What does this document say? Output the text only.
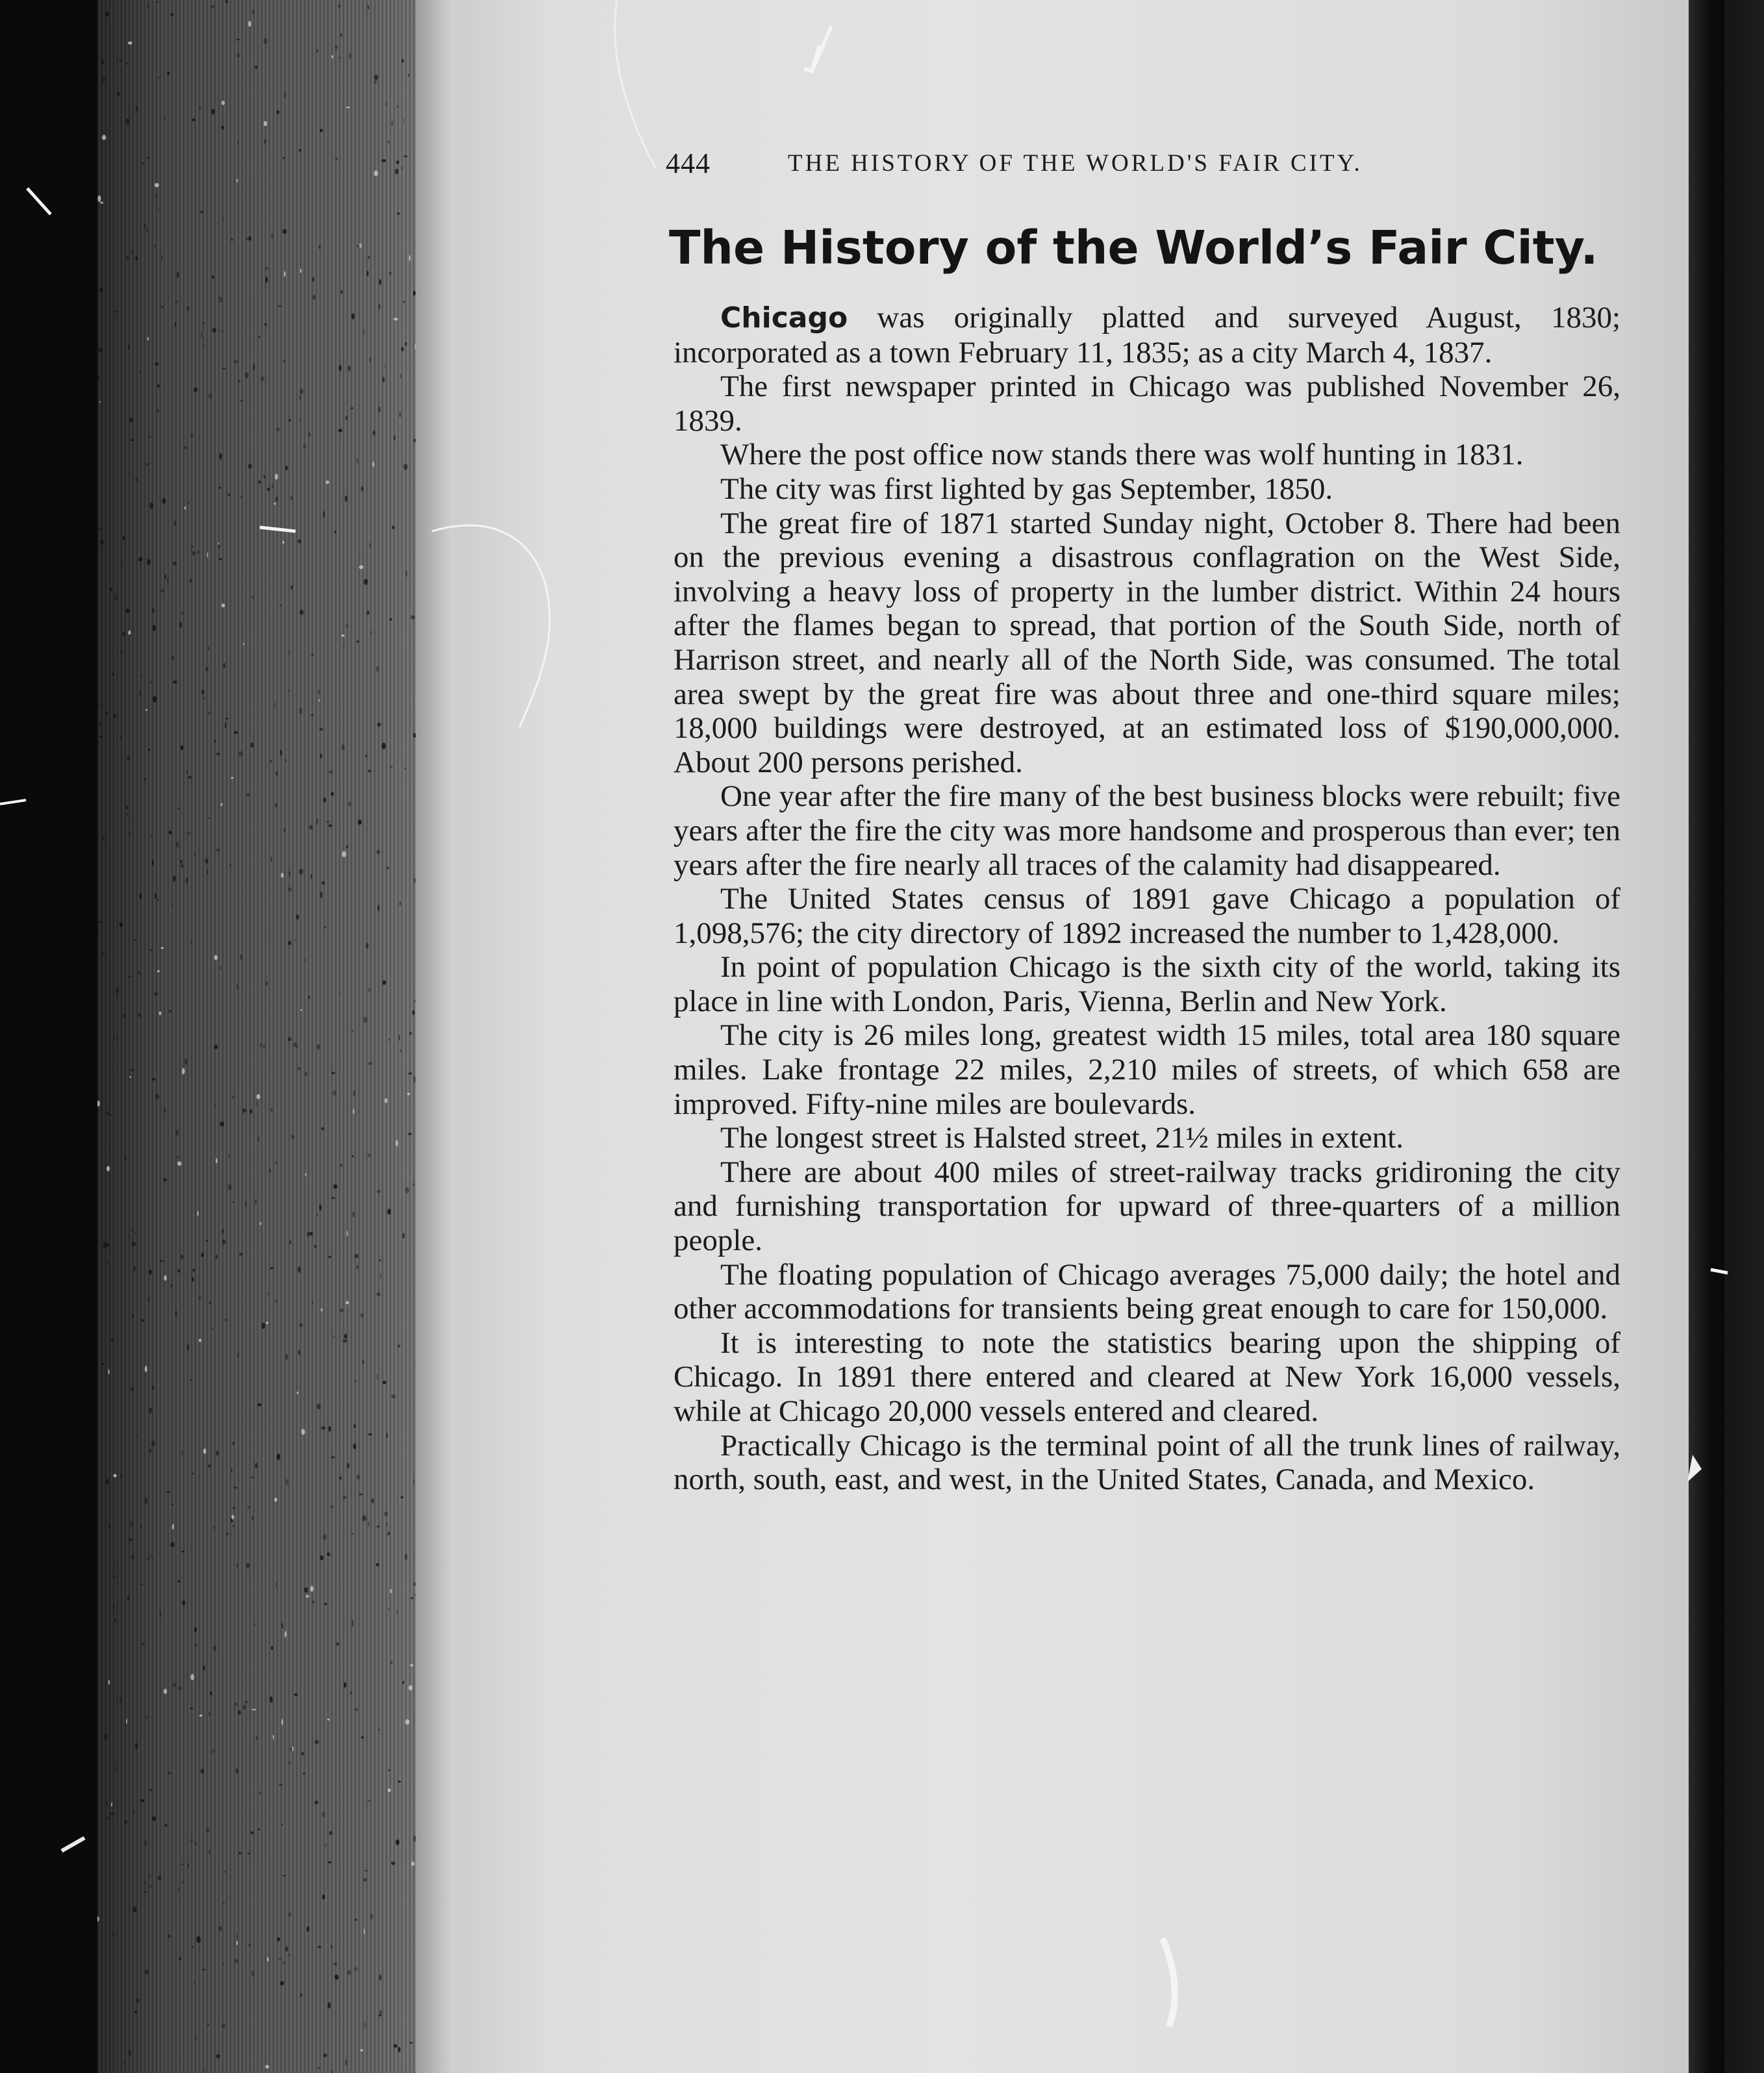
444	THE HISTORY OF THE WORLD'S FAIR CITY.
The History of the World’s Fair City.

Chicago was originally platted and surveyed August, 1830; incorporated as a town February 11, 1835; as a city March 4, 1837.

The first newspaper printed in Chicago was published November 26, 1839.

Where the post office now stands there was wolf hunting in 1831.

The city was first lighted by gas September, 1850.

The great fire of 1871 started Sunday night, October 8. There had been on the previous evening a disastrous conflagration on the West Side, involving a heavy loss of property in the lumber district. Within 24 hours after the flames began to spread, that portion of the South Side, north of Harrison street, and nearly all of the North Side, was consumed. The total area swept by the great fire was about three and one-third square miles; 18,000 buildings were destroyed, at an estimated loss of $190,000,000. About 200 persons perished.

One year after the fire many of the best business blocks were rebuilt; five years after the fire the city was more handsome and prosperous than ever; ten years after the fire nearly all traces of the calamity had disappeared.

The United States census of 1891 gave Chicago a population of 1,098,576; the city directory of 1892 increased the number to 1,428,000.

In point of population Chicago is the sixth city of the world, taking its place in line with London, Paris, Vienna, Berlin and New York.

The city is 26 miles long, greatest width 15 miles, total area 180 square miles. Lake frontage 22 miles, 2,210 miles of streets, of which 658 are improved. Fifty-nine miles are boulevards.

The longest street is Halsted street, 21½ miles in extent.

There are about 400 miles of street-railway tracks gridironing the city and furnishing transportation for upward of three-quarters of a million people.

The floating population of Chicago averages 75,000 daily; the hotel and other accommodations for transients being great enough to care for 150,000.

It is interesting to note the statistics bearing upon the shipping of Chicago. In 1891 there entered and cleared at New York 16,000 vessels, while at Chicago 20,000 vessels entered and cleared.

Practically Chicago is the terminal point of all the trunk lines of railway, north, south, east, and west, in the United States, Canada, and Mexico.
